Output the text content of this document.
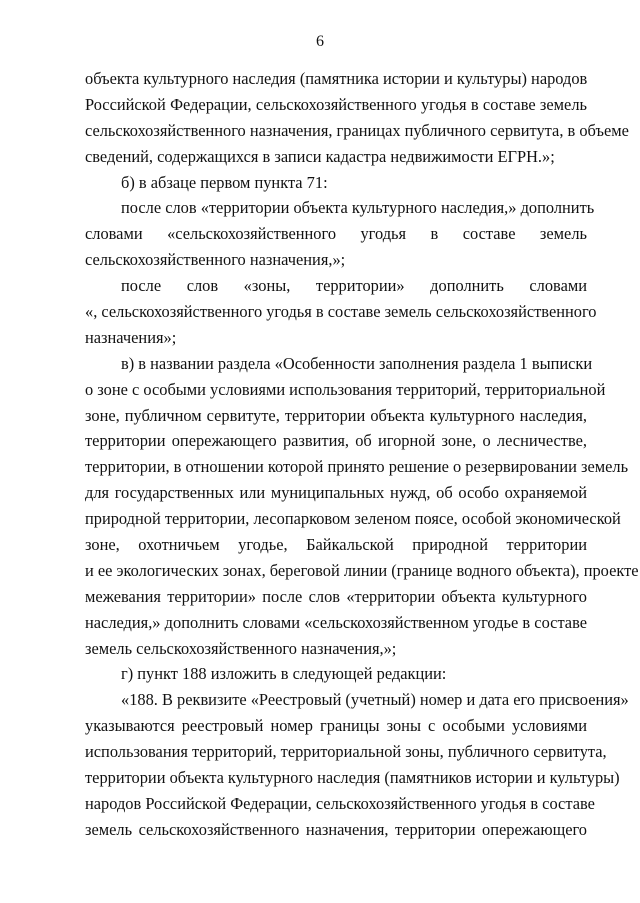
6
объекта культурного наследия (памятника истории и культуры) народов
Российской Федерации, сельскохозяйственного угодья в составе земель
сельскохозяйственного назначения, границах публичного сервитута, в объеме
сведений, содержащихся в записи кадастра недвижимости ЕГРН.»;
б) в абзаце первом пункта 71:
после слов «территории объекта культурного наследия,» дополнить
словами «сельскохозяйственного угодья в составе земель
сельскохозяйственного назначения,»;
после слов «зоны, территории» дополнить словами
«, сельскохозяйственного угодья в составе земель сельскохозяйственного
назначения»;
в) в названии раздела «Особенности заполнения раздела 1 выписки
о зоне с особыми условиями использования территорий, территориальной
зоне, публичном сервитуте, территории объекта культурного наследия,
территории опережающего развития, об игорной зоне, о лесничестве,
территории, в отношении которой принято решение о резервировании земель
для государственных или муниципальных нужд, об особо охраняемой
природной территории, лесопарковом зеленом поясе, особой экономической
зоне, охотничьем угодье, Байкальской природной территории
и ее экологических зонах, береговой линии (границе водного объекта), проекте
межевания территории» после слов «территории объекта культурного
наследия,» дополнить словами «сельскохозяйственном угодье в составе
земель сельскохозяйственного назначения,»;
г) пункт 188 изложить в следующей редакции:
«188. В реквизите «Реестровый (учетный) номер и дата его присвоения»
указываются реестровый номер границы зоны с особыми условиями
использования территорий, территориальной зоны, публичного сервитута,
территории объекта культурного наследия (памятников истории и культуры)
народов Российской Федерации, сельскохозяйственного угодья в составе
земель сельскохозяйственного назначения, территории опережающего
